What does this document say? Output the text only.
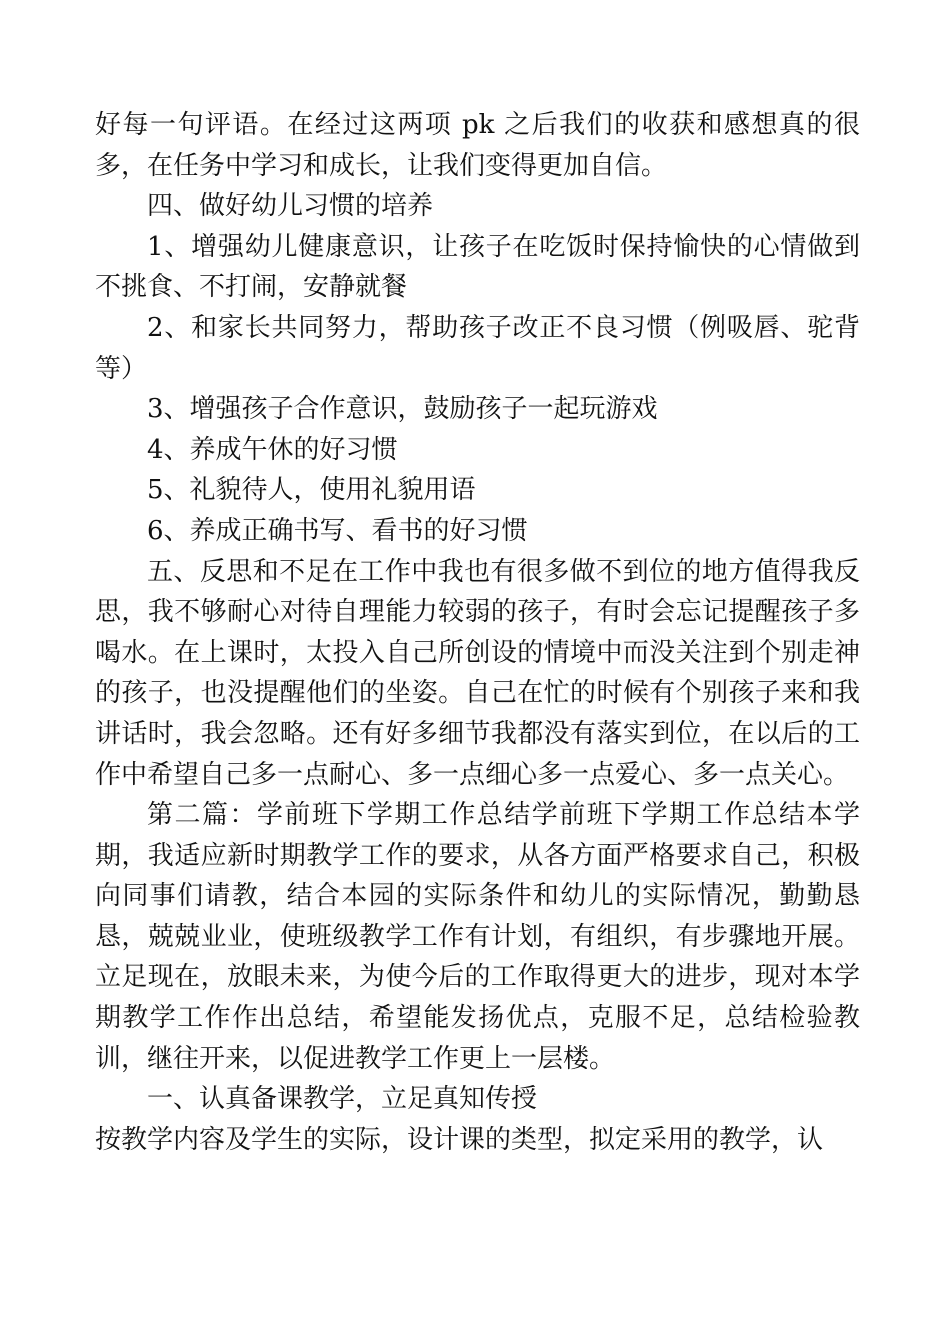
好每一句评语。在经过这两项 pk 之后我们的收获和感想真的很多，在任务中学习和成长，让我们变得更加自信。

四、做好幼儿习惯的培养

1、增强幼儿健康意识，让孩子在吃饭时保持愉快的心情做到不挑食、不打闹，安静就餐

2、和家长共同努力，帮助孩子改正不良习惯（例吸唇、驼背等）

3、增强孩子合作意识，鼓励孩子一起玩游戏

4、养成午休的好习惯

5、礼貌待人，使用礼貌用语

6、养成正确书写、看书的好习惯

五、反思和不足在工作中我也有很多做不到位的地方值得我反思，我不够耐心对待自理能力较弱的孩子，有时会忘记提醒孩子多喝水。在上课时，太投入自己所创设的情境中而没关注到个别走神的孩子，也没提醒他们的坐姿。自己在忙的时候有个别孩子来和我讲话时，我会忽略。还有好多细节我都没有落实到位，在以后的工作中希望自己多一点耐心、多一点细心多一点爱心、多一点关心。

第二篇：学前班下学期工作总结学前班下学期工作总结本学期，我适应新时期教学工作的要求，从各方面严格要求自己，积极向同事们请教，结合本园的实际条件和幼儿的实际情况，勤勤恳恳，兢兢业业，使班级教学工作有计划，有组织，有步骤地开展。立足现在，放眼未来，为使今后的工作取得更大的进步，现对本学期教学工作作出总结，希望能发扬优点，克服不足，总结检验教训，继往开来，以促进教学工作更上一层楼。

一、认真备课教学，立足真知传授

按教学内容及学生的实际，设计课的类型，拟定采用的教学，认
